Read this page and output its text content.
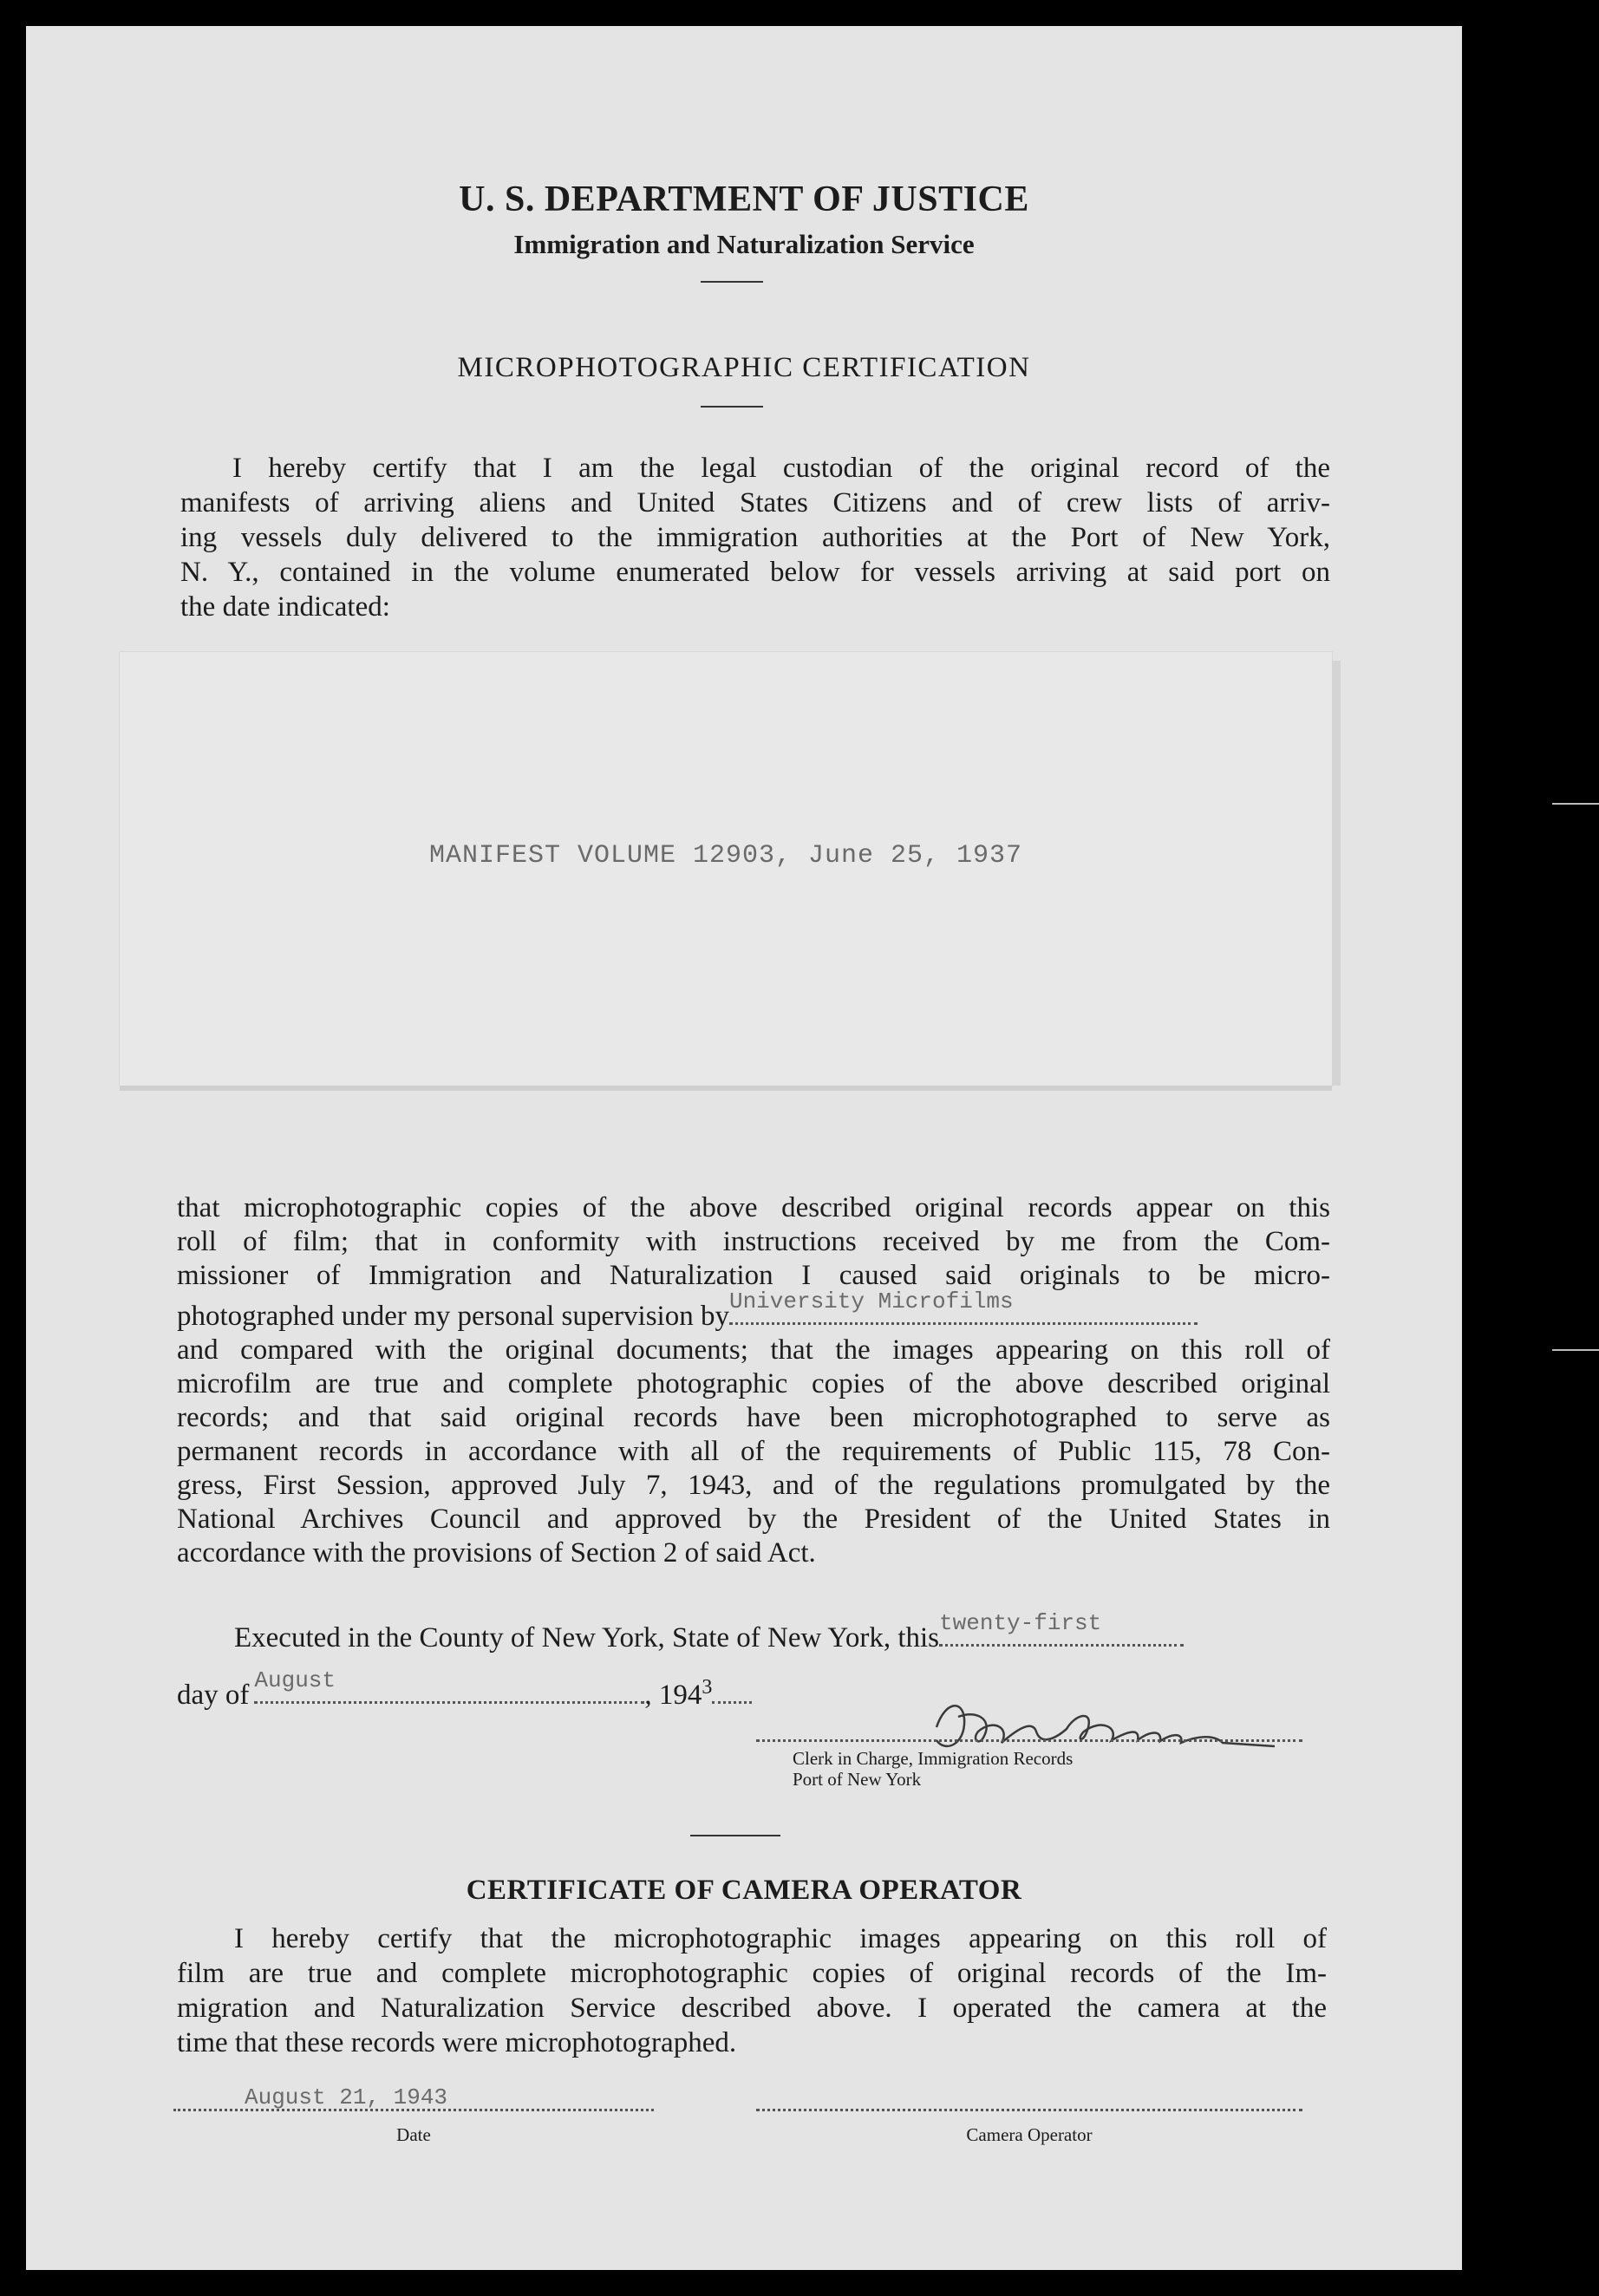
U. S. DEPARTMENT OF JUSTICE
Immigration and Naturalization Service
MICROPHOTOGRAPHIC CERTIFICATION
I hereby certify that I am the legal custodian of the original record of the
manifests of arriving aliens and United States Citizens and of crew lists of arriv-
ing vessels duly delivered to the immigration authorities at the Port of New York,
N. Y., contained in the volume enumerated below for vessels arriving at said port on
the date indicated:
MANIFEST VOLUME 12903, June 25, 1937
that microphotographic copies of the above described original records appear on this
roll of film; that in conformity with instructions received by me from the Com-
missioner of Immigration and Naturalization I caused said originals to be micro-
photographed under my personal supervision by University Microfilms
and compared with the original documents; that the images appearing on this roll of
microfilm are true and complete photographic copies of the above described original
records; and that said original records have been microphotographed to serve as
permanent records in accordance with all of the requirements of Public 115, 78 Con-
gress, First Session, approved July 7, 1943, and of the regulations promulgated by the
National Archives Council and approved by the President of the United States in
accordance with the provisions of Section 2 of said Act.
Executed in the County of New York, State of New York, this twenty-first
day of August	, $194^3$
Clerk in Charge, Immigration Records
Port of New York
CERTIFICATE OF CAMERA OPERATOR
I hereby certify that the microphotographic images appearing on this roll of
film are true and complete microphotographic copies of original records of the Im-
migration and Naturalization Service described above. I operated the camera at the
time that these records were microphotographed.
August 21, 1943
Date	Camera Operator
